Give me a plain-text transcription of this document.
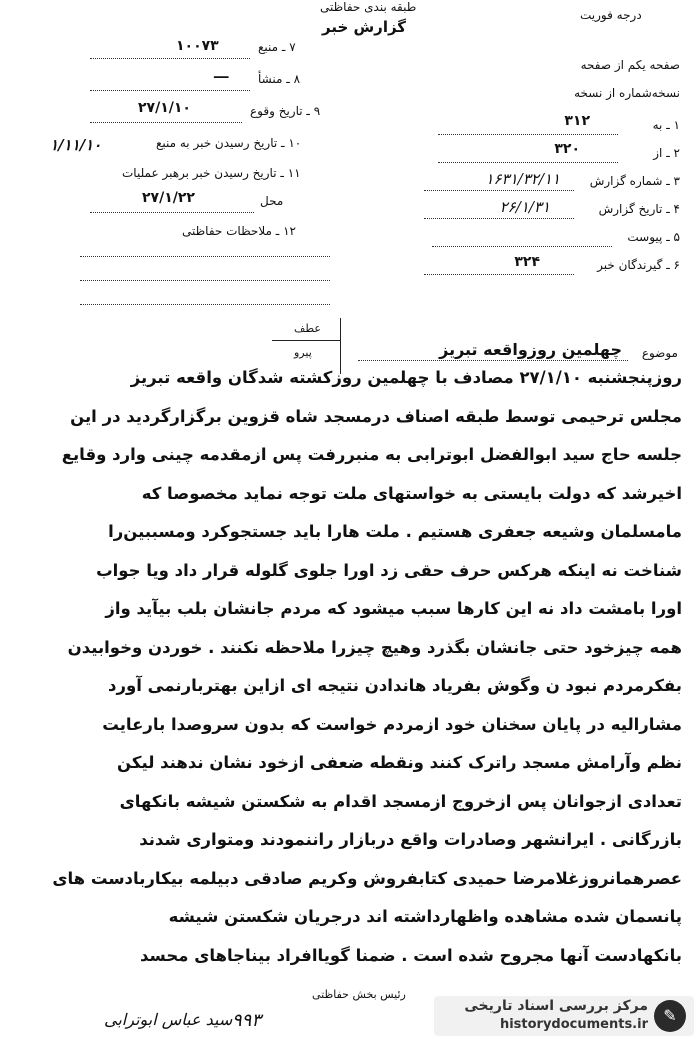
طبقه بندی حفاظتی
درجه فوریت
گزارش خبر
صفحه یکم از صفحه
نسخه‌شماره از نسخه
۱ ـ به
۳۱۲
۲ ـ از
۳۲۰
۳ ـ شماره گزارش
۱۶۳۱/۳۲/۱۱
۴ ـ تاریخ گزارش
۲۶/۱/۳۱
۵ ـ پیوست
۶ ـ گیرندگان خبر
۳۲۴
۷ ـ منبع
۱۰۰۷۳
۸ ـ منشأ
ـــ
۹ ـ تاریخ وقوع
۲۷/۱/۱۰
۱۰ ـ تاریخ رسیدن خبر به منبع
۱/۱۱/۱۰
۱۱ ـ تاریخ رسیدن خبر برهبر عملیات
محل
۲۷/۱/۲۲
۱۲ ـ ملاحظات حفاظتی
موضوع
چهلمین روزواقعه تبریز
عطف
پیرو
روزپنجشنبه ۲۷/۱/۱۰ مصادف با چهلمین روزکشته شدگان واقعه تبریز
مجلس ترحیمی توسط طبقه اصناف درمسجد شاه قزوین برگزارگردید در این
جلسه حاج سید ابوالفضل ابوترابی به منبررفت پس ازمقدمه چینی وارد وقایع
اخیرشد که دولت بایستی به خواستهای ملت توجه نماید مخصوصا که
مامسلمان وشیعه جعفری هستیم . ملت هارا باید جستجوکرد ومسببین‌را
شناخت نه اینکه هرکس حرف حقی زد اورا جلوی گلوله قرار داد ویا جواب
اورا بامشت داد نه این کارها سبب میشود که مردم جانشان بلب بیآید واز
همه چیزخود حتی جانشان بگذرد وهیچ چیزرا ملاحظه نکنند . خوردن وخوابیدن
بفکرمردم نبود ن وگوش بفریاد هاندادن نتیجه ای ازاین بهتربارنمی آورد
مشارالیه در پایان سخنان خود ازمردم خواست که بدون سروصدا بارعایت
نظم وآرامش مسجد راترک کنند ونقطه ضعفی ازخود نشان ندهند لیکن
تعدادی ازجوانان پس ازخروج ازمسجد اقدام به شکستن شیشه بانکهای
بازرگانی . ایرانشهر وصادرات واقع دربازار راننمودند ومتواری شدند
عصرهمانروزغلامرضا حمیدی کتابفروش وکریم صادقی دبیلمه بیکاربادست های
پانسمان شده مشاهده واظهارداشته اند درجریان شکستن شیشه
بانکهادست آنها مجروح شده است . ضمنا گویاافراد بیناجاهای محسد
سید عباس ابوترابی ۹۹۳
رئیس بخش حفاظتی
✎
مرکز بررسی اسناد تاریخی
historydocuments.ir
